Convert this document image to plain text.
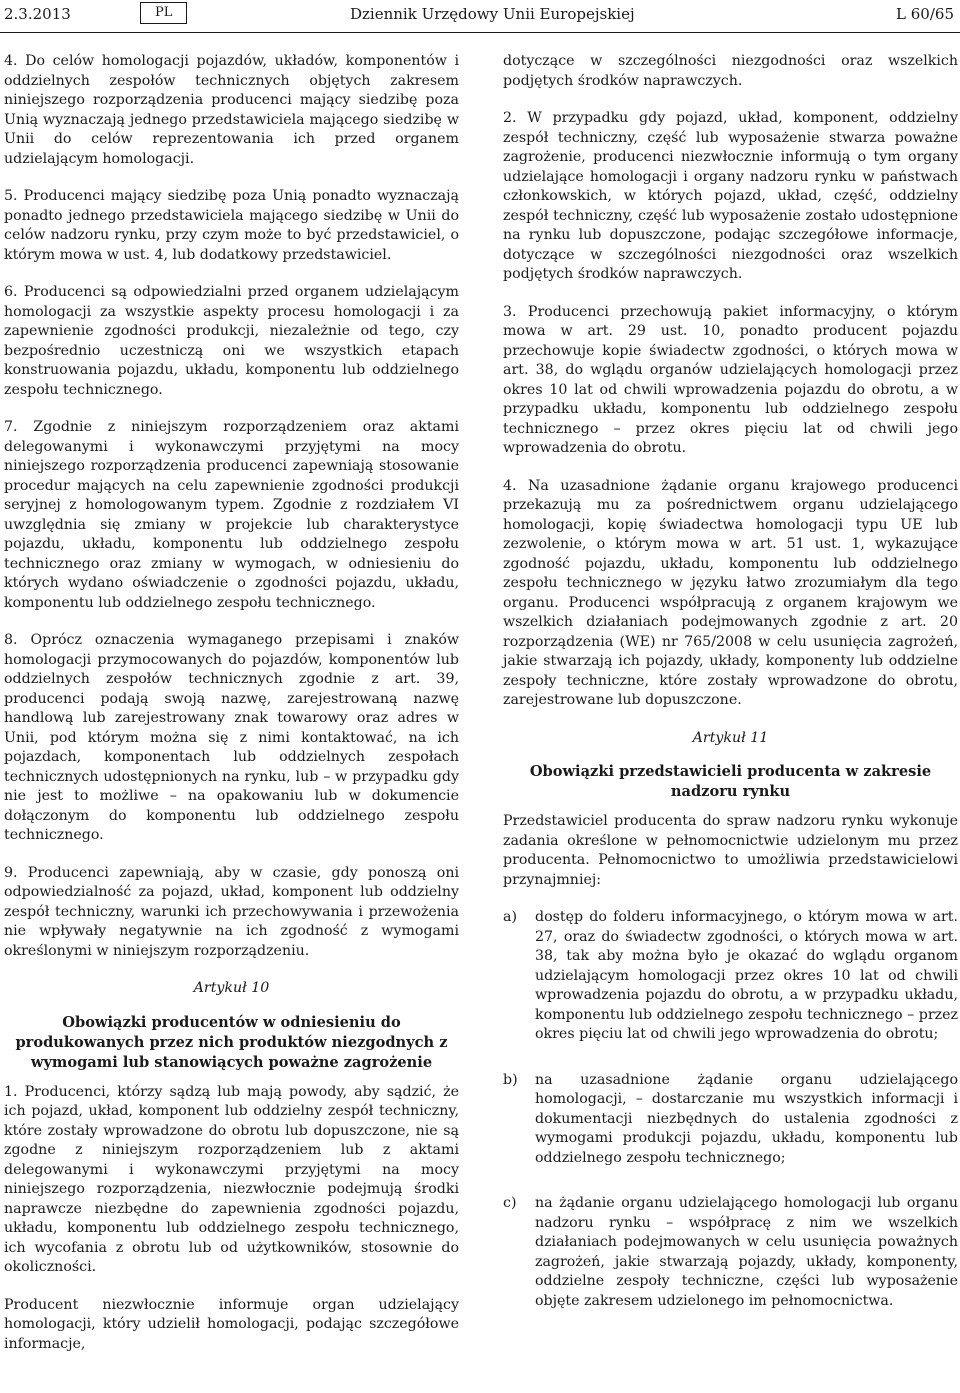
2.3.2013	PL	Dziennik Urzędowy Unii Europejskiej	L 60/65

4. Do celów homologacji pojazdów, układów, komponentów i oddzielnych zespołów technicznych objętych zakresem niniejszego rozporządzenia producenci mający siedzibę poza Unią wyznaczają jednego przedstawiciela mającego siedzibę w Unii do celów reprezentowania ich przed organem udzielającym homologacji.

5. Producenci mający siedzibę poza Unią ponadto wyznaczają ponadto jednego przedstawiciela mającego siedzibę w Unii do celów nadzoru rynku, przy czym może to być przedstawiciel, o którym mowa w ust. 4, lub dodatkowy przedstawiciel.

6. Producenci są odpowiedzialni przed organem udzielającym homologacji za wszystkie aspekty procesu homologacji i za zapewnienie zgodności produkcji, niezależnie od tego, czy bezpośrednio uczestniczą oni we wszystkich etapach konstruowania pojazdu, układu, komponentu lub oddzielnego zespołu technicznego.

7. Zgodnie z niniejszym rozporządzeniem oraz aktami delegowanymi i wykonawczymi przyjętymi na mocy niniejszego rozporządzenia producenci zapewniają stosowanie procedur mających na celu zapewnienie zgodności produkcji seryjnej z homologowanym typem. Zgodnie z rozdziałem VI uwzględnia się zmiany w projekcie lub charakterystyce pojazdu, układu, komponentu lub oddzielnego zespołu technicznego oraz zmiany w wymogach, w odniesieniu do których wydano oświadczenie o zgodności pojazdu, układu, komponentu lub oddzielnego zespołu technicznego.

8. Oprócz oznaczenia wymaganego przepisami i znaków homologacji przymocowanych do pojazdów, komponentów lub oddzielnych zespołów technicznych zgodnie z art. 39, producenci podają swoją nazwę, zarejestrowaną nazwę handlową lub zarejestrowany znak towarowy oraz adres w Unii, pod którym można się z nimi kontaktować, na ich pojazdach, komponentach lub oddzielnych zespołach technicznych udostępnionych na rynku, lub – w przypadku gdy nie jest to możliwe – na opakowaniu lub w dokumencie dołączonym do komponentu lub oddzielnego zespołu technicznego.

9. Producenci zapewniają, aby w czasie, gdy ponoszą oni odpowiedzialność za pojazd, układ, komponent lub oddzielny zespół techniczny, warunki ich przechowywania i przewożenia nie wpływały negatywnie na ich zgodność z wymogami określonymi w niniejszym rozporządzeniu.

Artykuł 10
Obowiązki producentów w odniesieniu do produkowanych przez nich produktów niezgodnych z wymogami lub stanowiących poważne zagrożenie

1. Producenci, którzy sądzą lub mają powody, aby sądzić, że ich pojazd, układ, komponent lub oddzielny zespół techniczny, które zostały wprowadzone do obrotu lub dopuszczone, nie są zgodne z niniejszym rozporządzeniem lub z aktami delegowanymi i wykonawczymi przyjętymi na mocy niniejszego rozporządzenia, niezwłocznie podejmują środki naprawcze niezbędne do zapewnienia zgodności pojazdu, układu, komponentu lub oddzielnego zespołu technicznego, ich wycofania z obrotu lub od użytkowników, stosownie do okoliczności.

Producent niezwłocznie informuje organ udzielający homologacji, który udzielił homologacji, podając szczegółowe informacje,

dotyczące w szczególności niezgodności oraz wszelkich podjętych środków naprawczych.

2. W przypadku gdy pojazd, układ, komponent, oddzielny zespół techniczny, część lub wyposażenie stwarza poważne zagrożenie, producenci niezwłocznie informują o tym organy udzielające homologacji i organy nadzoru rynku w państwach członkowskich, w których pojazd, układ, część, oddzielny zespół techniczny, część lub wyposażenie zostało udostępnione na rynku lub dopuszczone, podając szczegółowe informacje, dotyczące w szczególności niezgodności oraz wszelkich podjętych środków naprawczych.

3. Producenci przechowują pakiet informacyjny, o którym mowa w art. 29 ust. 10, ponadto producent pojazdu przechowuje kopie świadectw zgodności, o których mowa w art. 38, do wglądu organów udzielających homologacji przez okres 10 lat od chwili wprowadzenia pojazdu do obrotu, a w przypadku układu, komponentu lub oddzielnego zespołu technicznego – przez okres pięciu lat od chwili jego wprowadzenia do obrotu.

4. Na uzasadnione żądanie organu krajowego producenci przekazują mu za pośrednictwem organu udzielającego homologacji, kopię świadectwa homologacji typu UE lub zezwolenie, o którym mowa w art. 51 ust. 1, wykazujące zgodność pojazdu, układu, komponentu lub oddzielnego zespołu technicznego w języku łatwo zrozumiałym dla tego organu. Producenci współpracują z organem krajowym we wszelkich działaniach podejmowanych zgodnie z art. 20 rozporządzenia (WE) nr 765/2008 w celu usunięcia zagrożeń, jakie stwarzają ich pojazdy, układy, komponenty lub oddzielne zespoły techniczne, które zostały wprowadzone do obrotu, zarejestrowane lub dopuszczone.

Artykuł 11
Obowiązki przedstawicieli producenta w zakresie nadzoru rynku

Przedstawiciel producenta do spraw nadzoru rynku wykonuje zadania określone w pełnomocnictwie udzielonym mu przez producenta. Pełnomocnictwo to umożliwia przedstawicielowi przynajmniej:

a)	dostęp do folderu informacyjnego, o którym mowa w art. 27, oraz do świadectw zgodności, o których mowa w art. 38, tak aby można było je okazać do wglądu organom udzielającym homologacji przez okres 10 lat od chwili wprowadzenia pojazdu do obrotu, a w przypadku układu, komponentu lub oddzielnego zespołu technicznego – przez okres pięciu lat od chwili jego wprowadzenia do obrotu;
b)	na uzasadnione żądanie organu udzielającego homologacji, – dostarczanie mu wszystkich informacji i dokumentacji niezbędnych do ustalenia zgodności z wymogami produkcji pojazdu, układu, komponentu lub oddzielnego zespołu technicznego;
c)	na żądanie organu udzielającego homologacji lub organu nadzoru rynku – współpracę z nim we wszelkich działaniach podejmowanych w celu usunięcia poważnych zagrożeń, jakie stwarzają pojazdy, układy, komponenty, oddzielne zespoły techniczne, części lub wyposażenie objęte zakresem udzielonego im pełnomocnictwa.
